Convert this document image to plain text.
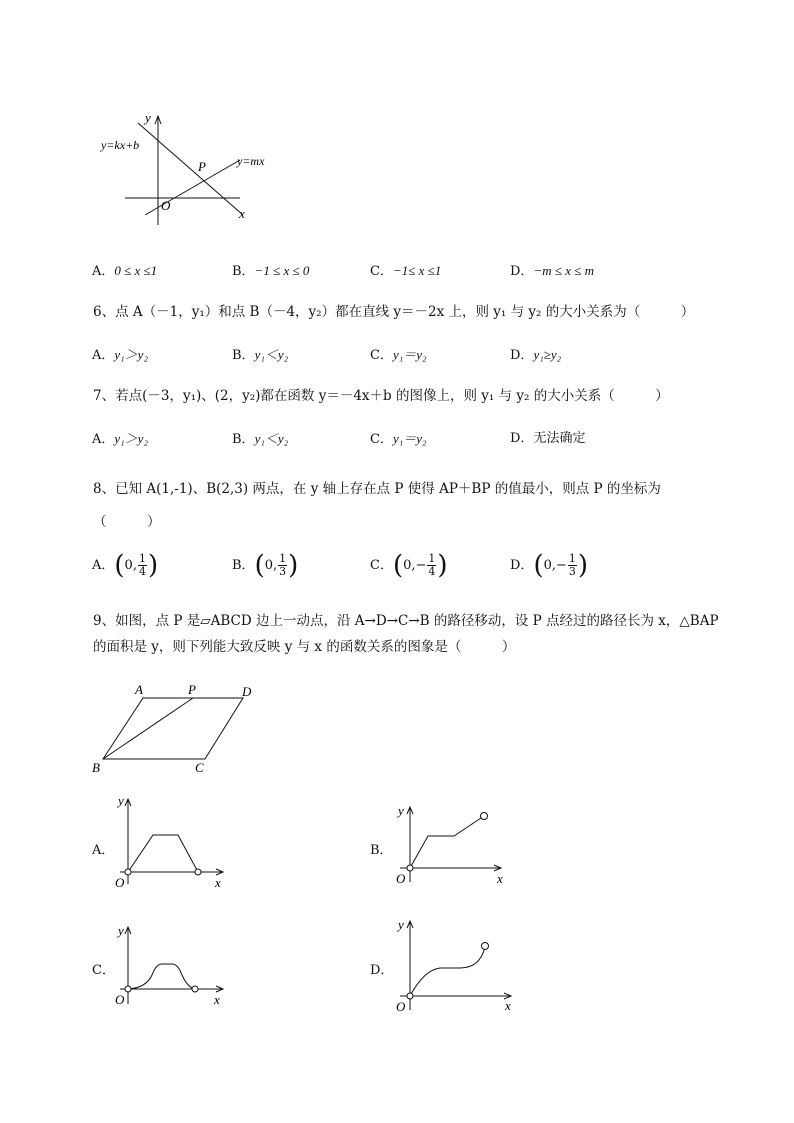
y
x
O
P
y=kx+b
y=mx
A．0 ≤ x ≤1	B．−1 ≤ x ≤ 0	C．−1≤ x ≤1	D．−m ≤ x ≤ m
6、点 A（－1，y₁）和点 B（－4，y₂）都在直线 y＝－2x 上，则 y₁ 与 y₂ 的大小关系为（　　　）
A．y₁＞y₂	B．y₁＜y₂	C．y₁＝y₂	D．y₁≥y₂
7、若点(－3，y₁)、(2，y₂)都在函数 y＝－4x＋b 的图像上，则 y₁ 与 y₂ 的大小关系（　　　）
A．y₁＞y₂	B．y₁＜y₂	C．y₁＝y₂	D．无法确定
8、已知 A(1,-1)、B(2,3) 两点，在 y 轴上存在点 P 使得 AP＋BP 的值最小，则点 P 的坐标为
（　　　）
A．(0, $\frac{1}{4}$ )	B．(0, $\frac{1}{3}$ )	C．($0,- \frac{1}{4}$ )	D．($0,- \frac{1}{3}$ )
9、如图，点 P 是▱ABCD 边上一动点，沿 A→D→C→B 的路径移动，设 P 点经过的路径长为 x，△BAP
的面积是 y，则下列能大致反映 y 与 x 的函数关系的图象是（　　　）
A	P	D
B	C
A．
y
x
O
B．
y
x
O
C．
y
x
O
D．
y
x
O
